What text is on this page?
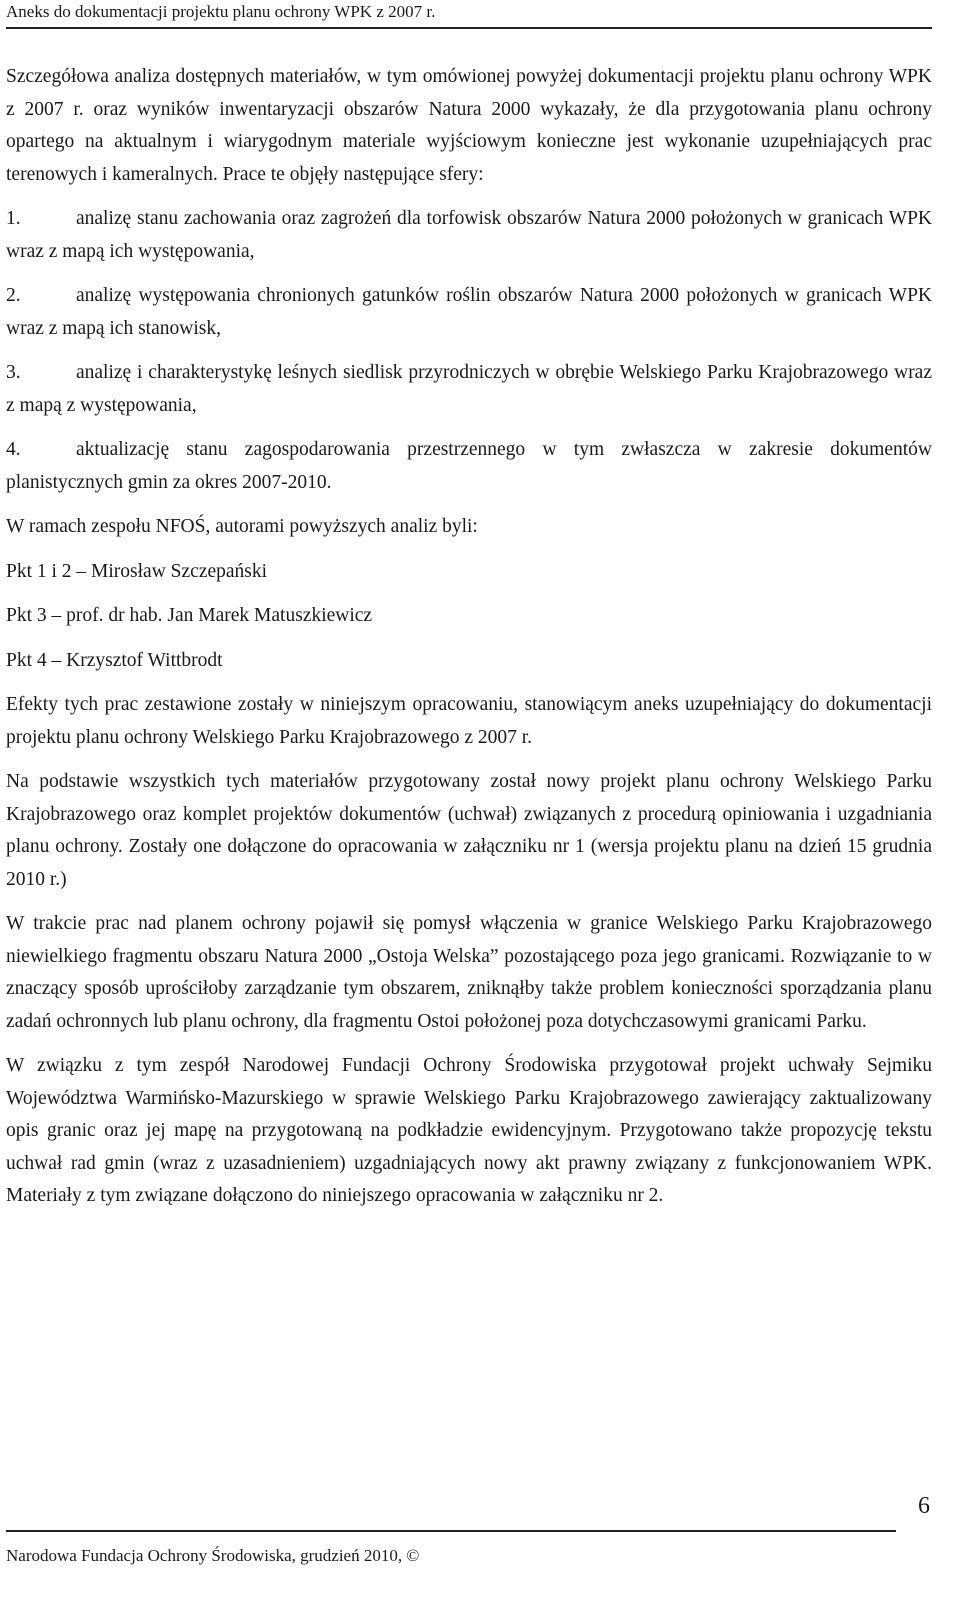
Aneks do dokumentacji projektu planu ochrony WPK z 2007 r.

Szczegółowa analiza dostępnych materiałów, w tym omówionej powyżej dokumentacji projektu planu ochrony WPK z 2007 r. oraz wyników inwentaryzacji obszarów Natura 2000 wykazały, że dla przygotowania planu ochrony opartego na aktualnym i wiarygodnym materiale wyjściowym konieczne jest wykonanie uzupełniających prac terenowych i kameralnych. Prace te objęły następujące sfery:

1.	analizę stanu zachowania oraz zagrożeń dla torfowisk obszarów Natura 2000 położonych w granicach WPK wraz z mapą ich występowania,

2.	analizę występowania chronionych gatunków roślin obszarów Natura 2000 położonych w granicach WPK wraz z mapą ich stanowisk,

3.	analizę i charakterystykę leśnych siedlisk przyrodniczych w obrębie Welskiego Parku Krajobrazowego wraz z mapą z występowania,

4.	aktualizację stanu zagospodarowania przestrzennego w tym zwłaszcza w zakresie dokumentów planistycznych gmin za okres 2007-2010.

W ramach zespołu NFOŚ, autorami powyższych analiz byli:

Pkt 1 i 2 – Mirosław Szczepański

Pkt 3 – prof. dr hab. Jan Marek Matuszkiewicz

Pkt 4 – Krzysztof Wittbrodt

Efekty tych prac zestawione zostały w niniejszym opracowaniu, stanowiącym aneks uzupełniający do dokumentacji projektu planu ochrony Welskiego Parku Krajobrazowego z 2007 r.

Na podstawie wszystkich tych materiałów przygotowany został nowy projekt planu ochrony Welskiego Parku Krajobrazowego oraz komplet projektów dokumentów (uchwał) związanych z procedurą opiniowania i uzgadniania planu ochrony. Zostały one dołączone do opracowania w załączniku nr 1 (wersja projektu planu na dzień 15 grudnia 2010 r.)

W trakcie prac nad planem ochrony pojawił się pomysł włączenia w granice Welskiego Parku Krajobrazowego niewielkiego fragmentu obszaru Natura 2000 „Ostoja Welska” pozostającego poza jego granicami. Rozwiązanie to w znaczący sposób uprościłoby zarządzanie tym obszarem, zniknąłby także problem konieczności sporządzania planu zadań ochronnych lub planu ochrony, dla fragmentu Ostoi położonej poza dotychczasowymi granicami Parku.

W związku z tym zespół Narodowej Fundacji Ochrony Środowiska przygotował projekt uchwały Sejmiku Województwa Warmińsko-Mazurskiego w sprawie Welskiego Parku Krajobrazowego zawierający zaktualizowany opis granic oraz jej mapę na przygotowaną na podkładzie ewidencyjnym. Przygotowano także propozycję tekstu uchwał rad gmin (wraz z uzasadnieniem) uzgadniających nowy akt prawny związany z funkcjonowaniem WPK. Materiały z tym związane dołączono do niniejszego opracowania w załączniku nr 2.

6
Narodowa Fundacja Ochrony Środowiska, grudzień 2010, ©
